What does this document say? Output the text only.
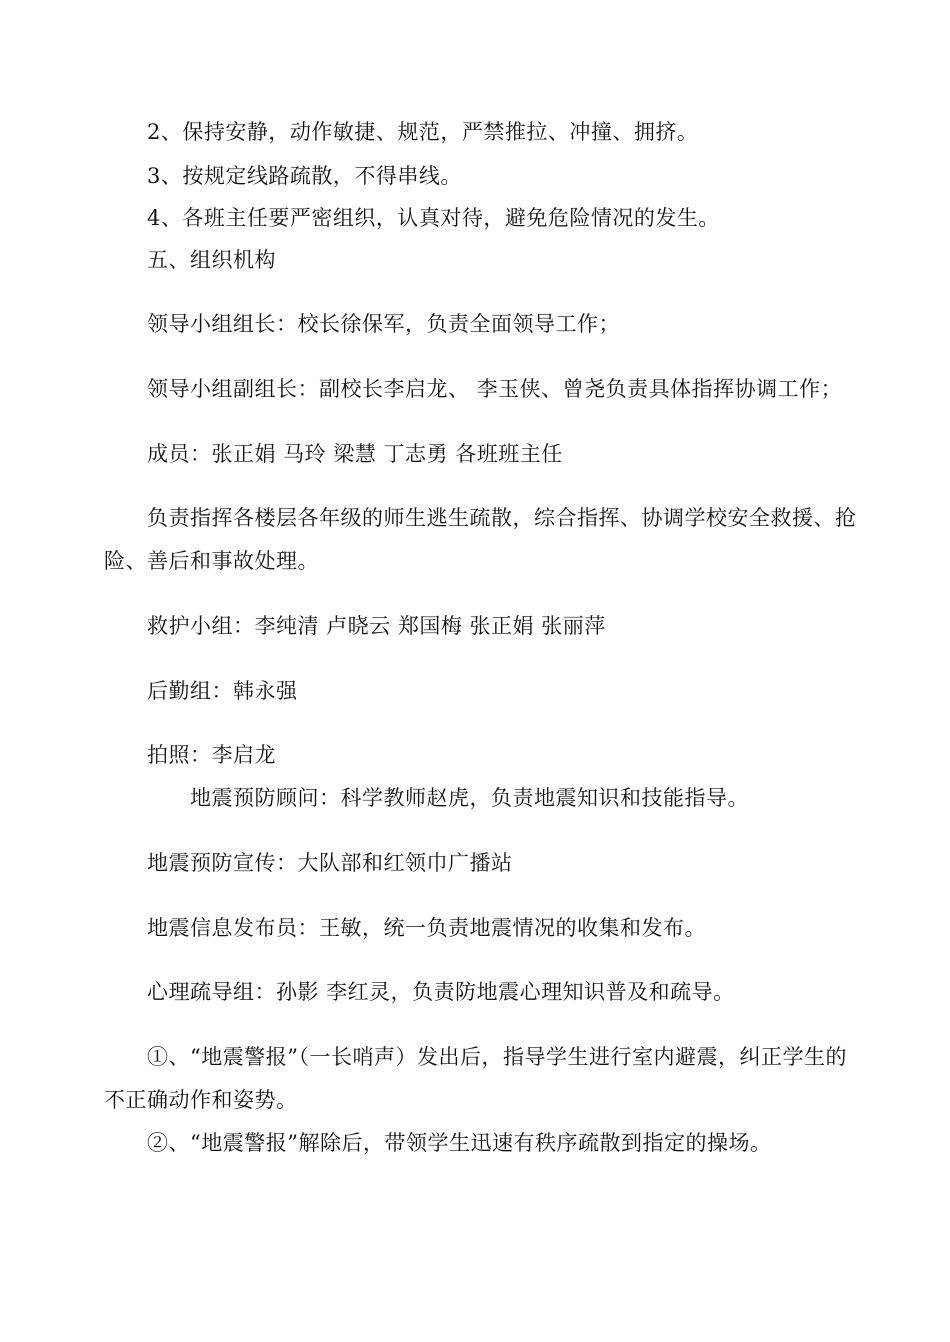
2、保持安静，动作敏捷、规范，严禁推拉、冲撞、拥挤。
3、按规定线路疏散，不得串线。
4、各班主任要严密组织，认真对待，避免危险情况的发生。
五、组织机构
领导小组组长：校长徐保军，负责全面领导工作；
领导小组副组长：副校长李启龙、 李玉侠、曾尧负责具体指挥协调工作；
成员：张正娟 马玲 梁慧 丁志勇 各班班主任
负责指挥各楼层各年级的师生逃生疏散，综合指挥、协调学校安全救援、抢
险、善后和事故处理。
救护小组：李纯清 卢晓云 郑国梅 张正娟 张丽萍
后勤组：韩永强
拍照：李启龙
地震预防顾问：科学教师赵虎，负责地震知识和技能指导。
地震预防宣传：大队部和红领巾广播站
地震信息发布员：王敏，统一负责地震情况的收集和发布。
心理疏导组：孙影 李红灵，负责防地震心理知识普及和疏导。
①、“地震警报”（一长哨声）发出后，指导学生进行室内避震，纠正学生的
不正确动作和姿势。
②、“地震警报”解除后，带领学生迅速有秩序疏散到指定的操场。
